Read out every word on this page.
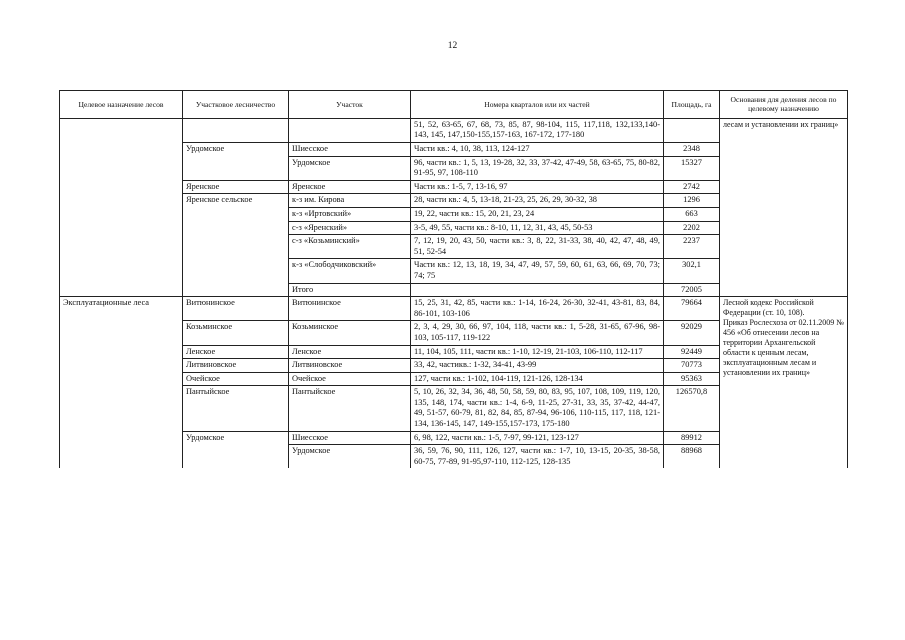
12
Целевое назначение лесов	Участковое лесничество	Участок	Номера кварталов или их частей	Площадь, га	Основания для деления лесов по целевому назначению
			51, 52, 63-65, 67, 68, 73, 85, 87, 98-104, 115, 117,118, 132,133,140-143, 145, 147,150-155,157-163, 167-172, 177-180		лесам и установлении их границ»

	Урдомское	Шиесское	Части кв.: 4, 10, 38, 113, 124-127	2348	
		Урдомское	96, части кв.: 1, 5, 13, 19-28, 32, 33, 37-42, 47-49, 58, 63-65, 75, 80-82, 91-95, 97, 108-110	15327	
	Яренское	Яренское	Части кв.: 1-5, 7, 13-16, 97	2742	
	Яренское сельское	к-з им. Кирова	28, части кв.: 4, 5, 13-18, 21-23, 25, 26, 29, 30-32, 38	1296	
		к-з «Иртовский»	19, 22, части кв.: 15, 20, 21, 23, 24	663	
		с-з «Яренский»	3-5, 49, 55, части кв.: 8-10, 11, 12, 31, 43, 45, 50-53	2202	
		с-з «Козьминский»	7, 12, 19, 20, 43, 50, части кв.: 3, 8, 22, 31-33, 38, 40, 42, 47, 48, 49, 51, 52-54	2237	
		к-з «Слободчиковский»	Части кв.: 12, 13, 18, 19, 34, 47, 49, 57, 59, 60, 61, 63, 66, 69, 70, 73; 74; 75	302,1	
		Итого		72005	
Эксплуатационные леса	Витюнинское	Витюнинское	15, 25, 31, 42, 85, части кв.: 1-14, 16-24, 26-30, 32-41, 43-81, 83, 84, 86-101, 103-106	79664	Лесной кодекс Российской Федерации (ст. 10, 108).

Приказ Рослесхоза от 02.11.2009 № 456 «Об отнесении лесов на территории Архангельской области к ценным лесам, эксплуатационным лесам и установлении их границ»

	Козьминское	Козьминское	2, 3, 4, 29, 30, 66, 97, 104, 118, части кв.: 1, 5-28, 31-65, 67-96, 98-103, 105-117, 119-122	92029	
	Ленское	Ленское	11, 104, 105, 111, части кв.: 1-10, 12-19, 21-103, 106-110, 112-117	92449	
	Литвиновское	Литвиновское	33, 42, частикв.: 1-32, 34-41, 43-99	70773	
	Очейское	Очейское	127, части кв.: 1-102, 104-119, 121-126, 128-134	95363	
	Пантыйское	Пантыйское	5, 10, 26, 32, 34, 36, 48, 50, 58, 59, 80, 83, 95, 107, 108, 109, 119, 120, 135, 148, 174, части кв.: 1-4, 6-9, 11-25, 27-31, 33, 35, 37-42, 44-47, 49, 51-57, 60-79, 81, 82, 84, 85, 87-94, 96-106, 110-115, 117, 118, 121-134, 136-145, 147, 149-155,157-173, 175-180	126570,8	
	Урдомское	Шиесское	6, 98, 122, части кв.: 1-5, 7-97, 99-121, 123-127	89912	
		Урдомское	36, 59, 76, 90, 111, 126, 127, части кв.: 1-7, 10, 13-15, 20-35, 38-58, 60-75, 77-89, 91-95,97-110, 112-125, 128-135	88968	
